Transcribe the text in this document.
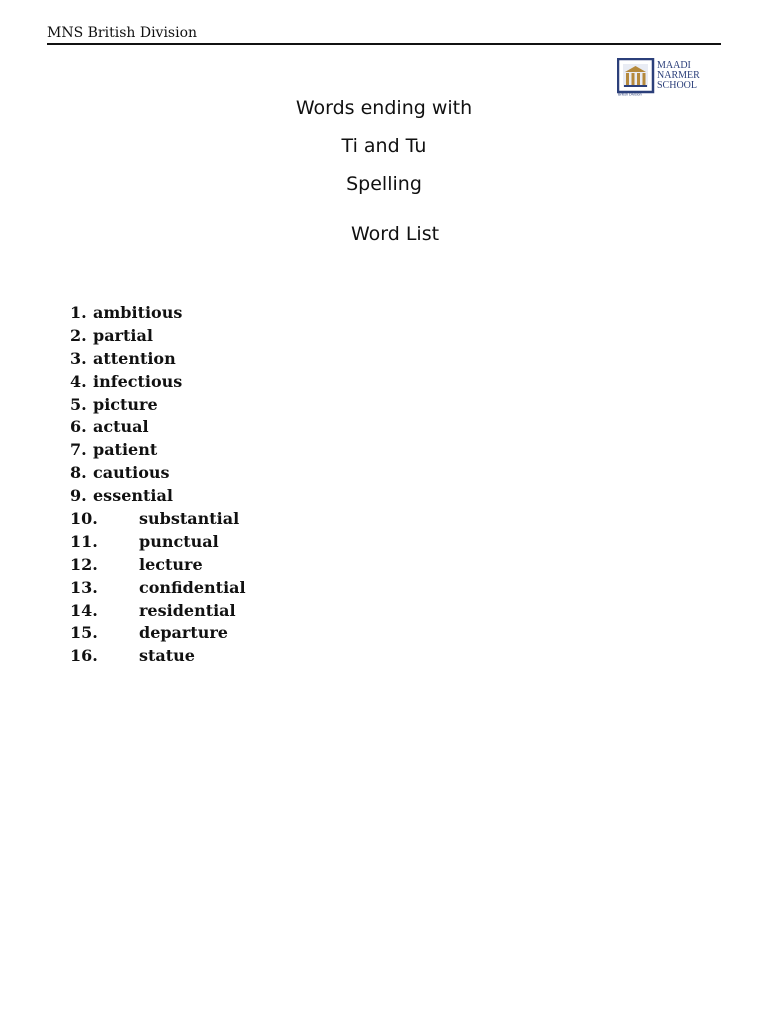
MNS British Division
MAADI
NARMER
SCHOOL
British Division
Words ending with
Ti and Tu
Spelling
Word List
1. ambitious
2. partial
3. attention
4. infectious
5. picture
6. actual
7. patient
8. cautious
9. essential
10.	substantial
11.	punctual
12.	lecture
13.	confidential
14.	residential
15.	departure
16.	statue
